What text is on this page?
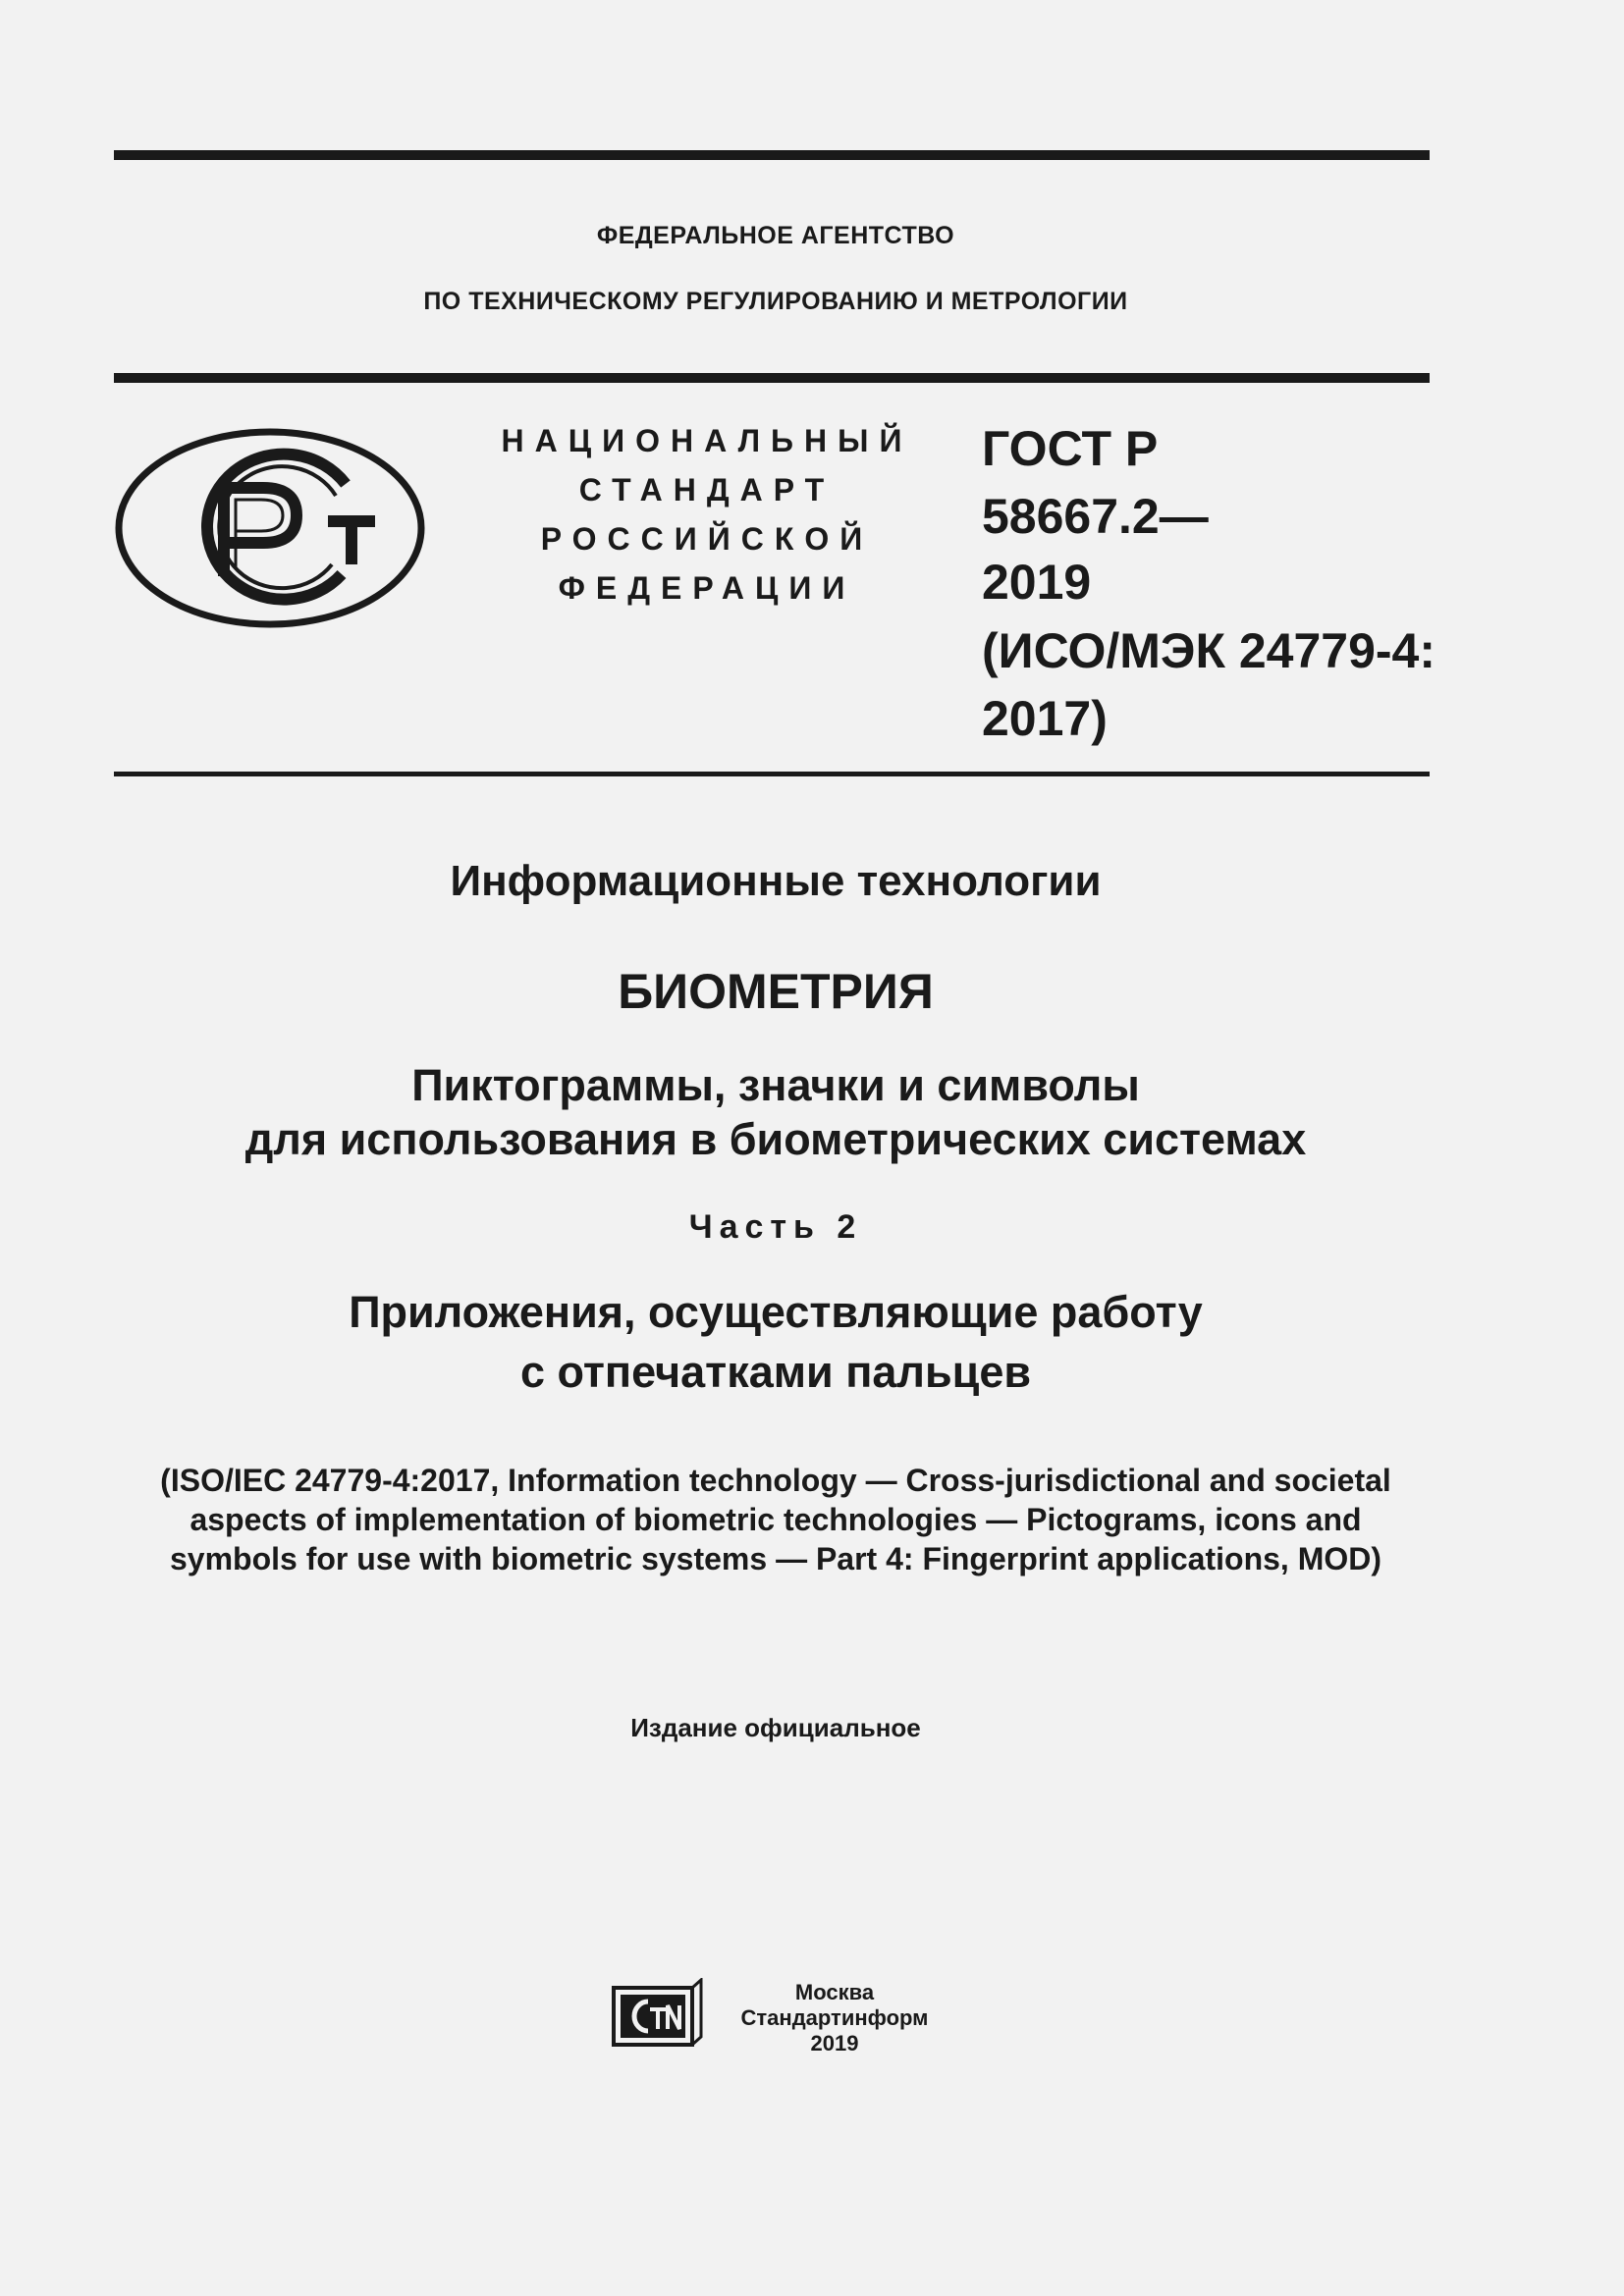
ФЕДЕРАЛЬНОЕ АГЕНТСТВО
ПО ТЕХНИЧЕСКОМУ РЕГУЛИРОВАНИЮ И МЕТРОЛОГИИ
НАЦИОНАЛЬНЫЙ
СТАНДАРТ
РОССИЙСКОЙ
ФЕДЕРАЦИИ
ГОСТ Р
58667.2—
2019
(ИСО/МЭК 24779-4:
2017)
Информационные технологии
БИОМЕТРИЯ
Пиктограммы, значки и символы
для использования в биометрических системах
Часть 2
Приложения, осуществляющие работу
с отпечатками пальцев
(ISO/IEC 24779-4:2017, Information technology — Cross-jurisdictional and societal
aspects of implementation of biometric technologies — Pictograms, icons and
symbols for use with biometric systems — Part 4: Fingerprint applications, MOD)
Издание официальное
Москва
Стандартинформ
2019
